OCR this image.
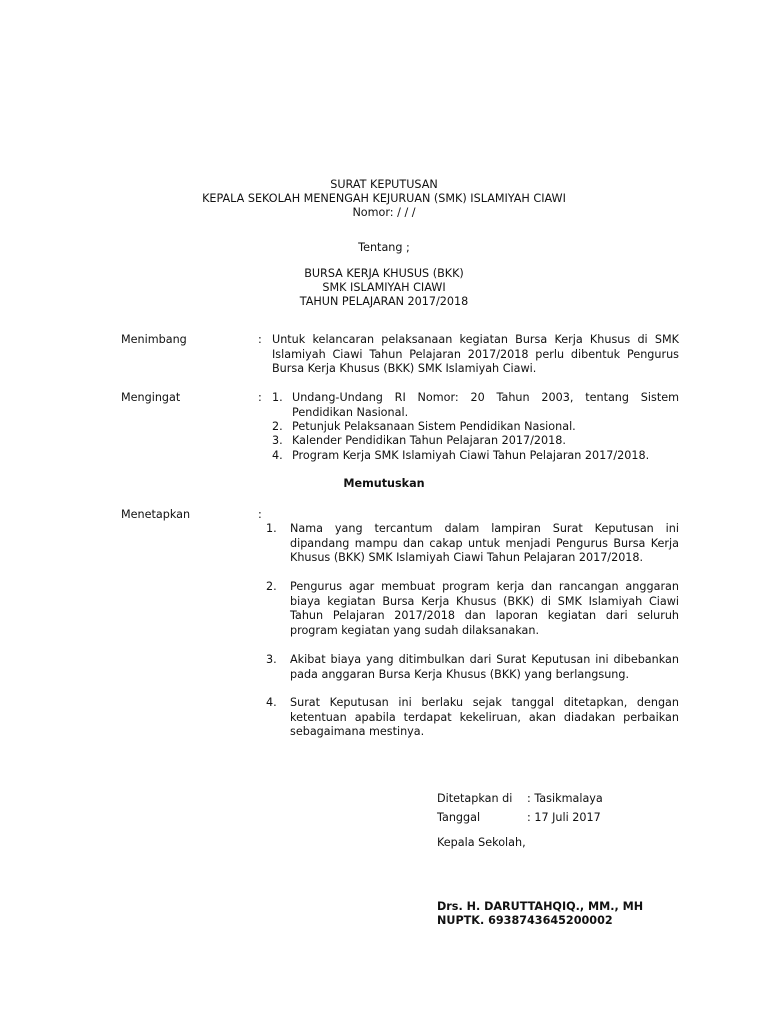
SURAT KEPUTUSAN
KEPALA SEKOLAH MENENGAH KEJURUAN (SMK) ISLAMIYAH CIAWI
Nomor: / / /
Tentang ;
BURSA KERJA KHUSUS (BKK)
SMK ISLAMIYAH CIAWI
TAHUN PELAJARAN 2017/2018
Menimbang	: Untuk kelancaran pelaksanaan kegiatan Bursa Kerja Khusus di SMK Islamiyah Ciawi Tahun Pelajaran 2017/2018 perlu dibentuk Pengurus Bursa Kerja Khusus (BKK) SMK Islamiyah Ciawi.
Mengingat	: 1. Undang-Undang RI Nomor: 20 Tahun 2003, tentang Sistem Pendidikan Nasional.
2. Petunjuk Pelaksanaan Sistem Pendidikan Nasional.
3. Kalender Pendidikan Tahun Pelajaran 2017/2018.
4. Program Kerja SMK Islamiyah Ciawi Tahun Pelajaran 2017/2018.
Memutuskan
Menetapkan	:
1. Nama yang tercantum dalam lampiran Surat Keputusan ini dipandang mampu dan cakap untuk menjadi Pengurus Bursa Kerja Khusus (BKK) SMK Islamiyah Ciawi Tahun Pelajaran 2017/2018.
2. Pengurus agar membuat program kerja dan rancangan anggaran biaya kegiatan Bursa Kerja Khusus (BKK) di SMK Islamiyah Ciawi Tahun Pelajaran 2017/2018 dan laporan kegiatan dari seluruh program kegiatan yang sudah dilaksanakan.
3. Akibat biaya yang ditimbulkan dari Surat Keputusan ini dibebankan pada anggaran Bursa Kerja Khusus (BKK) yang berlangsung.
4. Surat Keputusan ini berlaku sejak tanggal ditetapkan, dengan ketentuan apabila terdapat kekeliruan, akan diadakan perbaikan sebagaimana mestinya.
Ditetapkan di : Tasikmalaya
Tanggal	: 17 Juli 2017
Kepala Sekolah,
Drs. H. DARUTTAHQIQ., MM., MH
NUPTK. 6938743645200002
